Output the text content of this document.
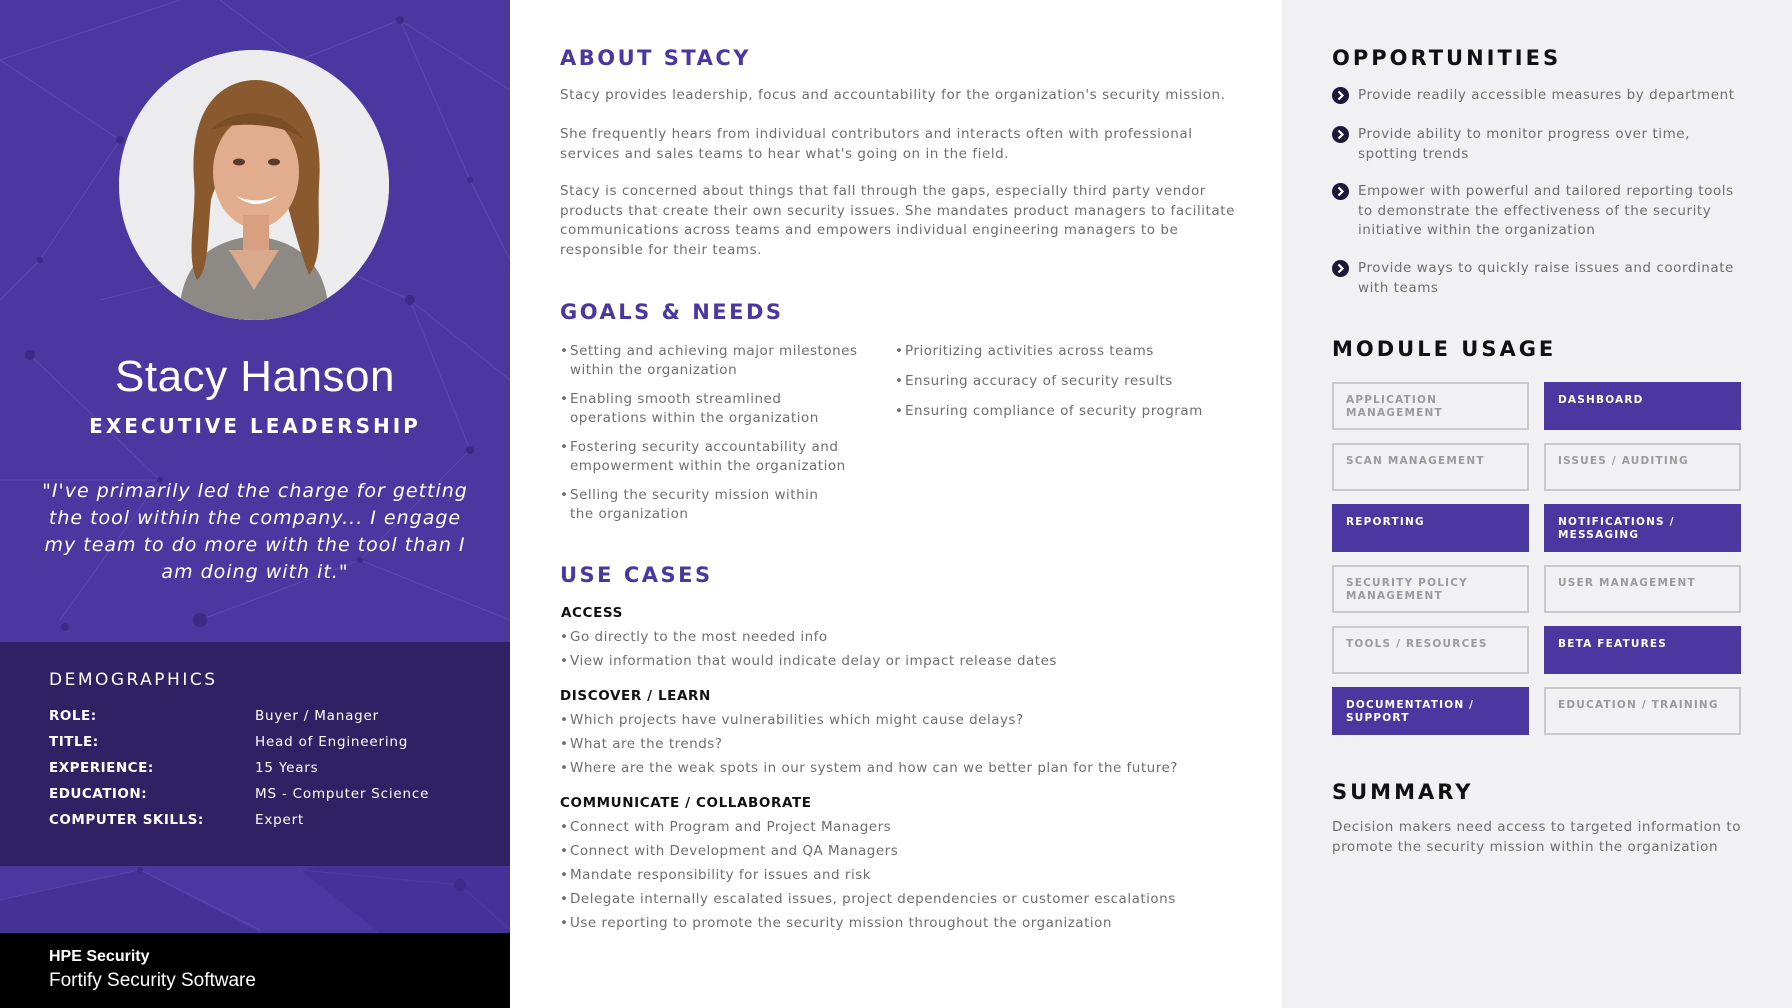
Stacy Hanson
EXECUTIVE LEADERSHIP
"I've primarily led the charge for getting the tool within the company... I engage my team to do more with the tool than I am doing with it."
DEMOGRAPHICS
ROLE:	Buyer / Manager
TITLE:	Head of Engineering
EXPERIENCE:	15 Years
EDUCATION:	MS - Computer Science
COMPUTER SKILLS:	Expert
HPE Security
Fortify Security Software
ABOUT STACY
Stacy provides leadership, focus and accountability for the organization's security mission.
She frequently hears from individual contributors and interacts often with professional services and sales teams to hear what's going on in the field.
Stacy is concerned about things that fall through the gaps, especially third party vendor products that create their own security issues. She mandates product managers to facilitate communications across teams and empowers individual engineering managers to be responsible for their teams.
GOALS & NEEDS
• Setting and achieving major milestones within the organization
• Enabling smooth streamlined operations within the organization
• Fostering security accountability and empowerment within the organization
• Selling the security mission within the organization
• Prioritizing activities across teams
• Ensuring accuracy of security results
• Ensuring compliance of security program
USE CASES
ACCESS
• Go directly to the most needed info
• View information that would indicate delay or impact release dates
DISCOVER / LEARN
• Which projects have vulnerabilities which might cause delays?
• What are the trends?
• Where are the weak spots in our system and how can we better plan for the future?
COMMUNICATE / COLLABORATE
• Connect with Program and Project Managers
• Connect with Development and QA Managers
• Mandate responsibility for issues and risk
• Delegate internally escalated issues, project dependencies or customer escalations
• Use reporting to promote the security mission throughout the organization
OPPORTUNITIES
Provide readily accessible measures by department
Provide ability to monitor progress over time, spotting trends
Empower with powerful and tailored reporting tools to demonstrate the effectiveness of the security initiative within the organization
Provide ways to quickly raise issues and coordinate with teams
MODULE USAGE
APPLICATION MANAGEMENT
DASHBOARD
SCAN MANAGEMENT	ISSUES / AUDITING
REPORTING	NOTIFICATIONS / MESSAGING
SECURITY POLICY MANAGEMENT
USER MANAGEMENT
TOOLS / RESOURCES	BETA FEATURES
DOCUMENTATION / SUPPORT
EDUCATION / TRAINING
SUMMARY
Decision makers need access to targeted information to promote the security mission within the organization
